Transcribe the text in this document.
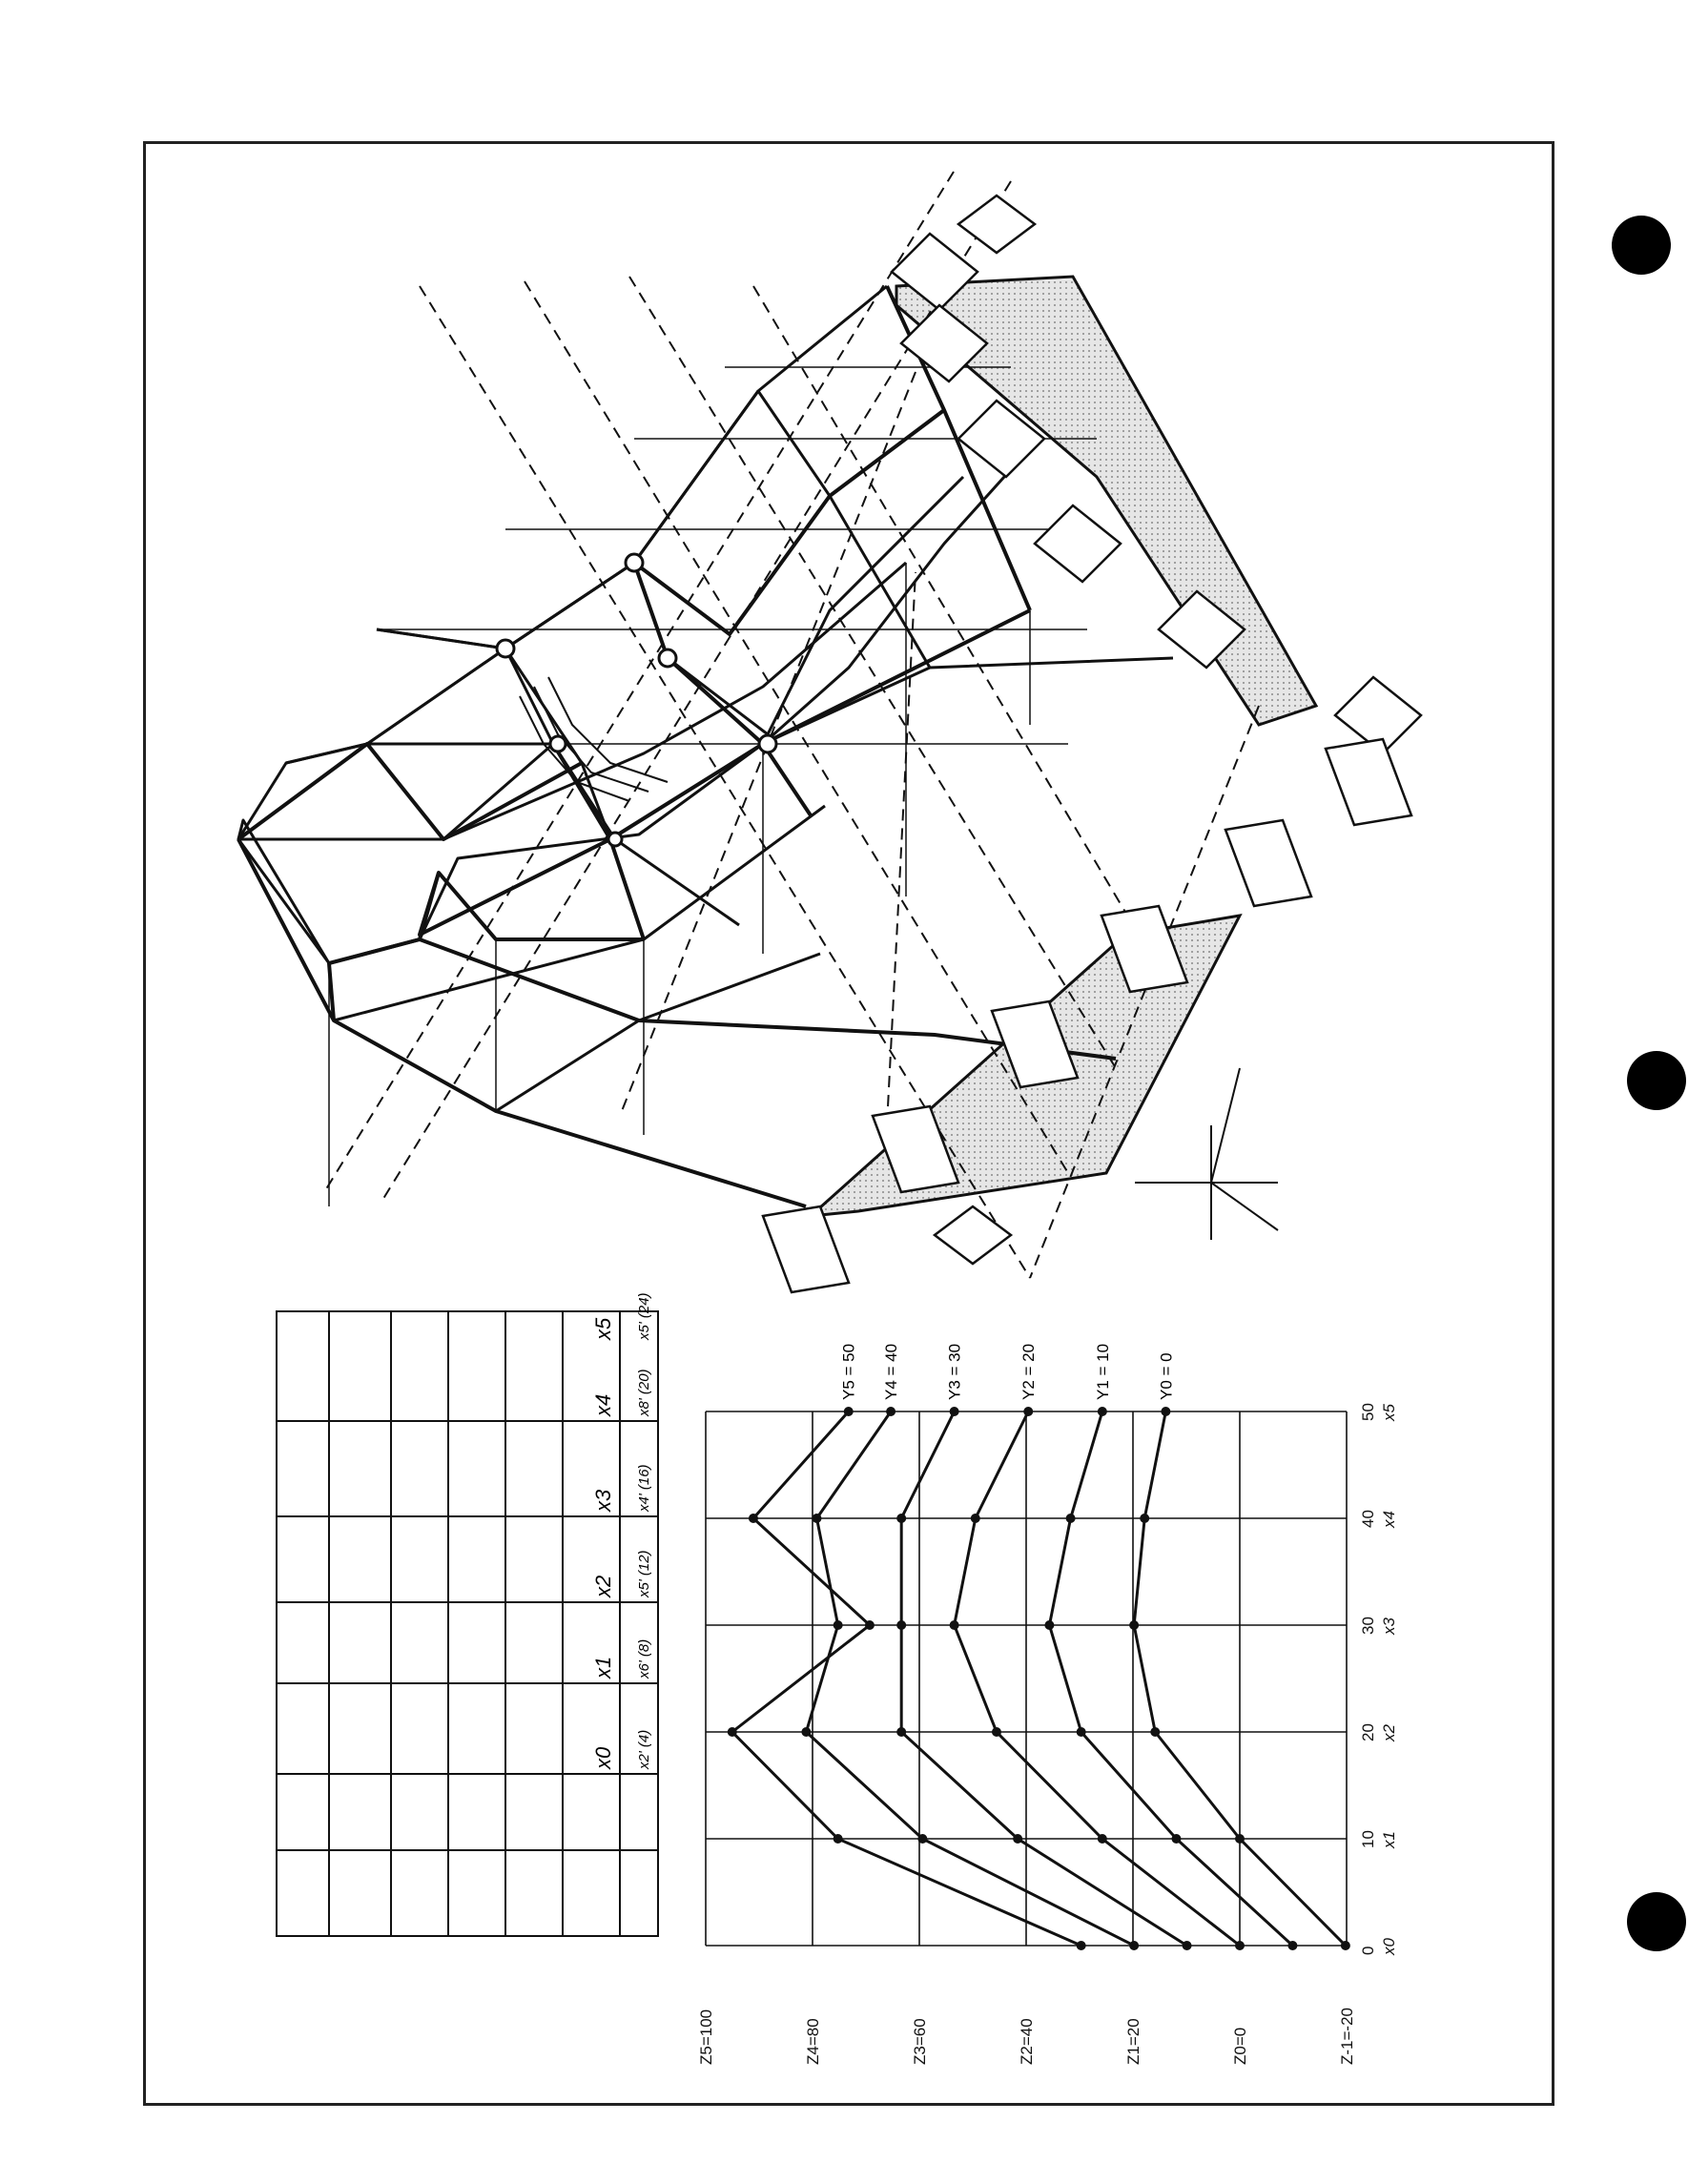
x0 x2' (4)
x1 x6' (8)
x2 x5' (12)
x3 x4' (16)
x4 x8' (20)
x5 x5' (24)
Z5=100	Z4=80	Z3=60	Z2=40	Z1=20	Z0=0	Z-1=-20
0 x0
10 x1
20 x2
30 x3
40 x4
50 x5
Y5 = 50 Y4 = 40	Y3 = 30	Y2 = 20	Y1 = 10	Y0 = 0
